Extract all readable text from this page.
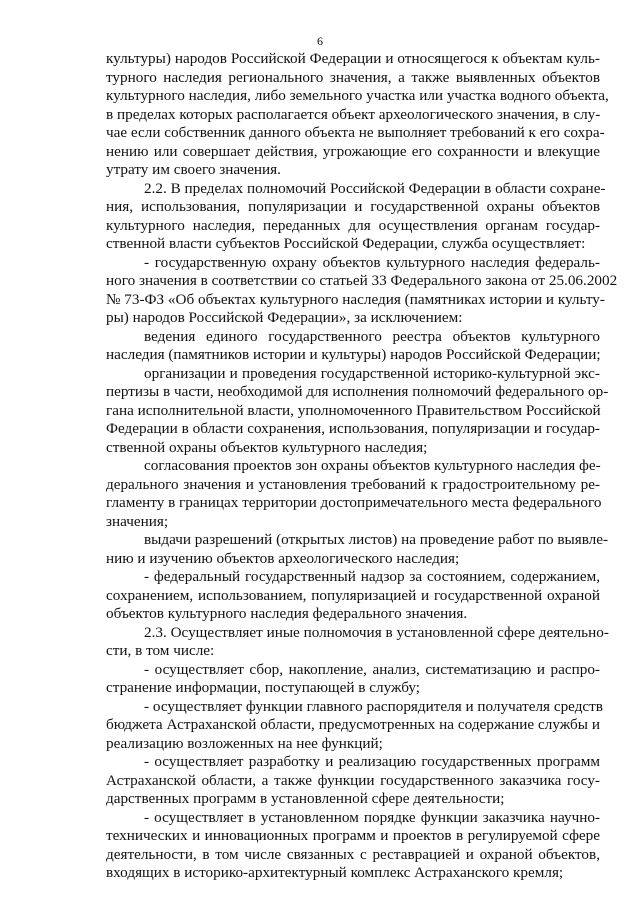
6
культуры) народов Российской Федерации и относящегося к объектам куль-
турного наследия регионального значения, а также выявленных объектов
культурного наследия, либо земельного участка или участка водного объекта,
в пределах которых располагается объект археологического значения, в слу-
чае если собственник данного объекта не выполняет требований к его сохра-
нению или совершает действия, угрожающие его сохранности и влекущие
утрату им своего значения.
2.2. В пределах полномочий Российской Федерации в области сохране-
ния, использования, популяризации и государственной охраны объектов
культурного наследия, переданных для осуществления органам государ-
ственной власти субъектов Российской Федерации, служба осуществляет:
- государственную охрану объектов культурного наследия федераль-
ного значения в соответствии со статьей 33 Федерального закона от 25.06.2002
№ 73-ФЗ «Об объектах культурного наследия (памятниках истории и культу-
ры) народов Российской Федерации», за исключением:
ведения единого государственного реестра объектов культурного
наследия (памятников истории и культуры) народов Российской Федерации;
организации и проведения государственной историко-культурной экс-
пертизы в части, необходимой для исполнения полномочий федерального ор-
гана исполнительной власти, уполномоченного Правительством Российской
Федерации в области сохранения, использования, популяризации и государ-
ственной охраны объектов культурного наследия;
согласования проектов зон охраны объектов культурного наследия фе-
дерального значения и установления требований к градостроительному ре-
гламенту в границах территории достопримечательного места федерального
значения;
выдачи разрешений (открытых листов) на проведение работ по выявле-
нию и изучению объектов археологического наследия;
- федеральный государственный надзор за состоянием, содержанием,
сохранением, использованием, популяризацией и государственной охраной
объектов культурного наследия федерального значения.
2.3. Осуществляет иные полномочия в установленной сфере деятельно-
сти, в том числе:
- осуществляет сбор, накопление, анализ, систематизацию и распро-
странение информации, поступающей в службу;
- осуществляет функции главного распорядителя и получателя средств
бюджета Астраханской области, предусмотренных на содержание службы и
реализацию возложенных на нее функций;
- осуществляет разработку и реализацию государственных программ
Астраханской области, а также функции государственного заказчика госу-
дарственных программ в установленной сфере деятельности;
- осуществляет в установленном порядке функции заказчика научно-
технических и инновационных программ и проектов в регулируемой сфере
деятельности, в том числе связанных с реставрацией и охраной объектов,
входящих в историко-архитектурный комплекс Астраханского кремля;
